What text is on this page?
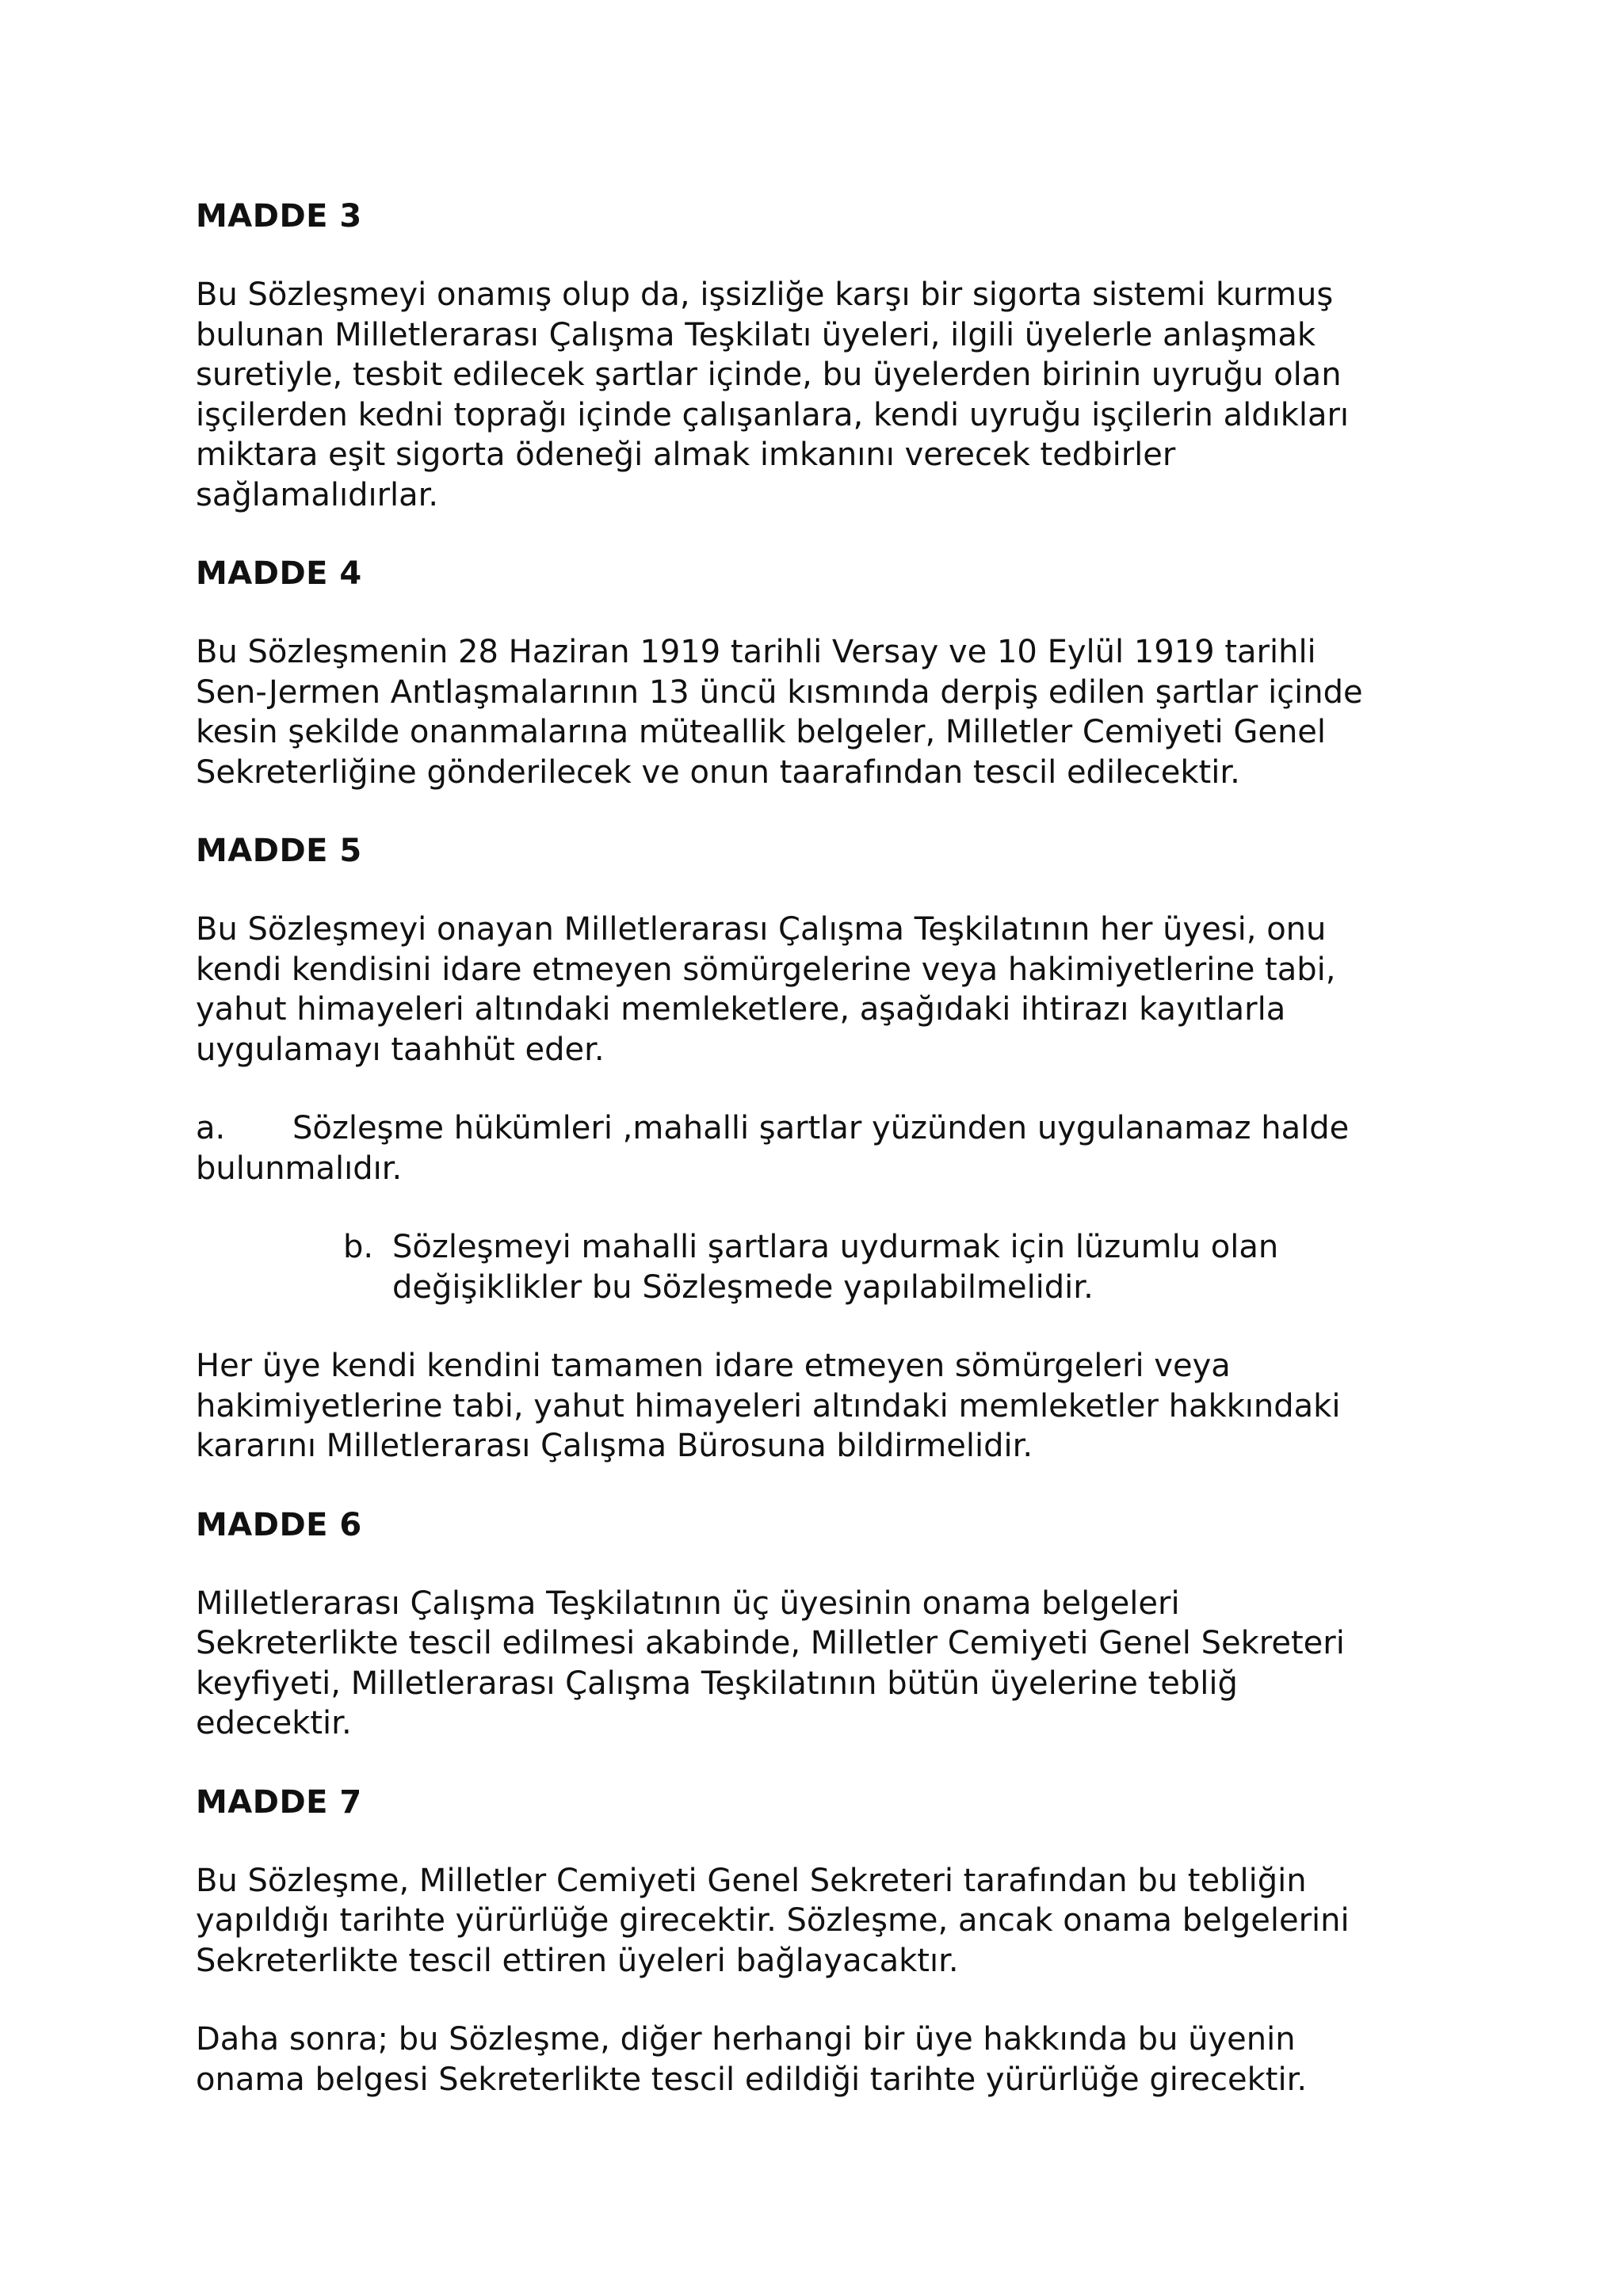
MADDE 3
Bu Sözleşmeyi onamış olup da, işsizliğe karşı bir sigorta sistemi kurmuş
bulunan Milletlerarası Çalışma Teşkilatı üyeleri, ilgili üyelerle anlaşmak
suretiyle, tesbit edilecek şartlar içinde, bu üyelerden birinin uyruğu olan
işçilerden kedni toprağı içinde çalışanlara, kendi uyruğu işçilerin aldıkları
miktara eşit sigorta ödeneği almak imkanını verecek tedbirler
sağlamalıdırlar.
MADDE 4
Bu Sözleşmenin 28 Haziran 1919 tarihli Versay ve 10 Eylül 1919 tarihli
Sen-Jermen Antlaşmalarının 13 üncü kısmında derpiş edilen şartlar içinde
kesin şekilde onanmalarına müteallik belgeler, Milletler Cemiyeti Genel
Sekreterliğine gönderilecek ve onun taarafından tescil edilecektir.
MADDE 5
Bu Sözleşmeyi onayan Milletlerarası Çalışma Teşkilatının her üyesi, onu
kendi kendisini idare etmeyen sömürgelerine veya hakimiyetlerine tabi,
yahut himayeleri altındaki memleketlere, aşağıdaki ihtirazı kayıtlarla
uygulamayı taahhüt eder.
a. Sözleşme hükümleri ,mahalli şartlar yüzünden uygulanamaz halde
bulunmalıdır.
b. Sözleşmeyi mahalli şartlara uydurmak için lüzumlu olan
değişiklikler bu Sözleşmede yapılabilmelidir.
Her üye kendi kendini tamamen idare etmeyen sömürgeleri veya
hakimiyetlerine tabi, yahut himayeleri altındaki memleketler hakkındaki
kararını Milletlerarası Çalışma Bürosuna bildirmelidir.
MADDE 6
Milletlerarası Çalışma Teşkilatının üç üyesinin onama belgeleri
Sekreterlikte tescil edilmesi akabinde, Milletler Cemiyeti Genel Sekreteri
keyfiyeti, Milletlerarası Çalışma Teşkilatının bütün üyelerine tebliğ
edecektir.
MADDE 7
Bu Sözleşme, Milletler Cemiyeti Genel Sekreteri tarafından bu tebliğin
yapıldığı tarihte yürürlüğe girecektir. Sözleşme, ancak onama belgelerini
Sekreterlikte tescil ettiren üyeleri bağlayacaktır.
Daha sonra; bu Sözleşme, diğer herhangi bir üye hakkında bu üyenin
onama belgesi Sekreterlikte tescil edildiği tarihte yürürlüğe girecektir.
